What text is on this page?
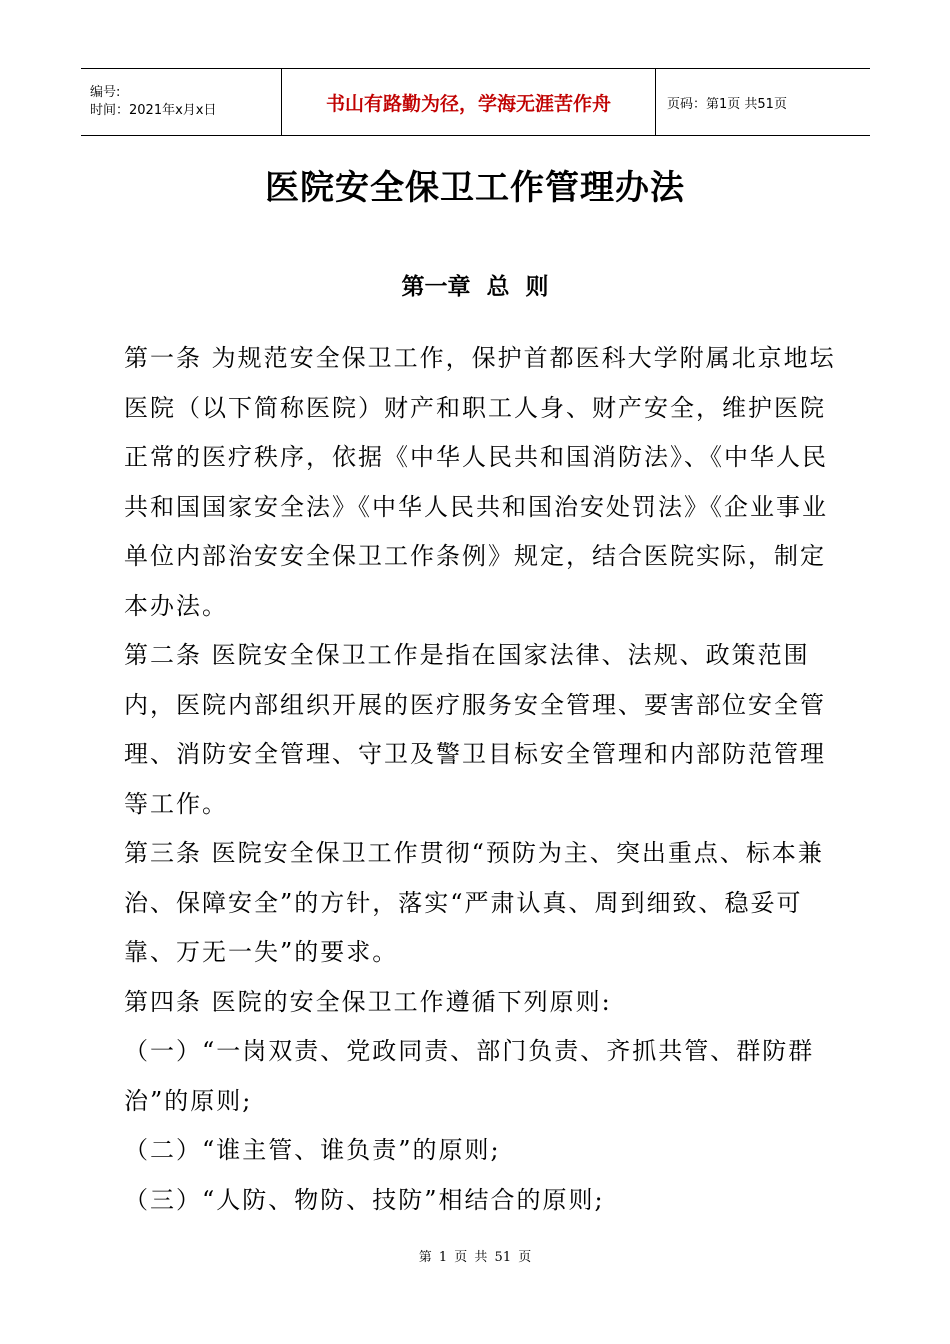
编号:
时间：2021年x月x日	书山有路勤为径，学海无涯苦作舟	页码：第1页 共51页
医院安全保卫工作管理办法
第一章 总 则

第一条 为规范安全保卫工作，保护首都医科大学附属北京地坛医院（以下简称医院）财产和职工人身、财产安全，维护医院正常的医疗秩序，依据《中华人民共和国消防法》、《中华人民共和国国家安全法》《中华人民共和国治安处罚法》《企业事业单位内部治安安全保卫工作条例》规定，结合医院实际，制定本办法。

第二条 医院安全保卫工作是指在国家法律、法规、政策范围内，医院内部组织开展的医疗服务安全管理、要害部位安全管理、消防安全管理、守卫及警卫目标安全管理和内部防范管理等工作。

第三条 医院安全保卫工作贯彻“预防为主、突出重点、标本兼治、保障安全”的方针，落实“严肃认真、周到细致、稳妥可靠、万无一失”的要求。

第四条 医院的安全保卫工作遵循下列原则:

（一）“一岗双责、党政同责、部门负责、齐抓共管、群防群治”的原则;

（二）“谁主管、谁负责”的原则;

（三）“人防、物防、技防”相结合的原则;

第 1 页 共 51 页
